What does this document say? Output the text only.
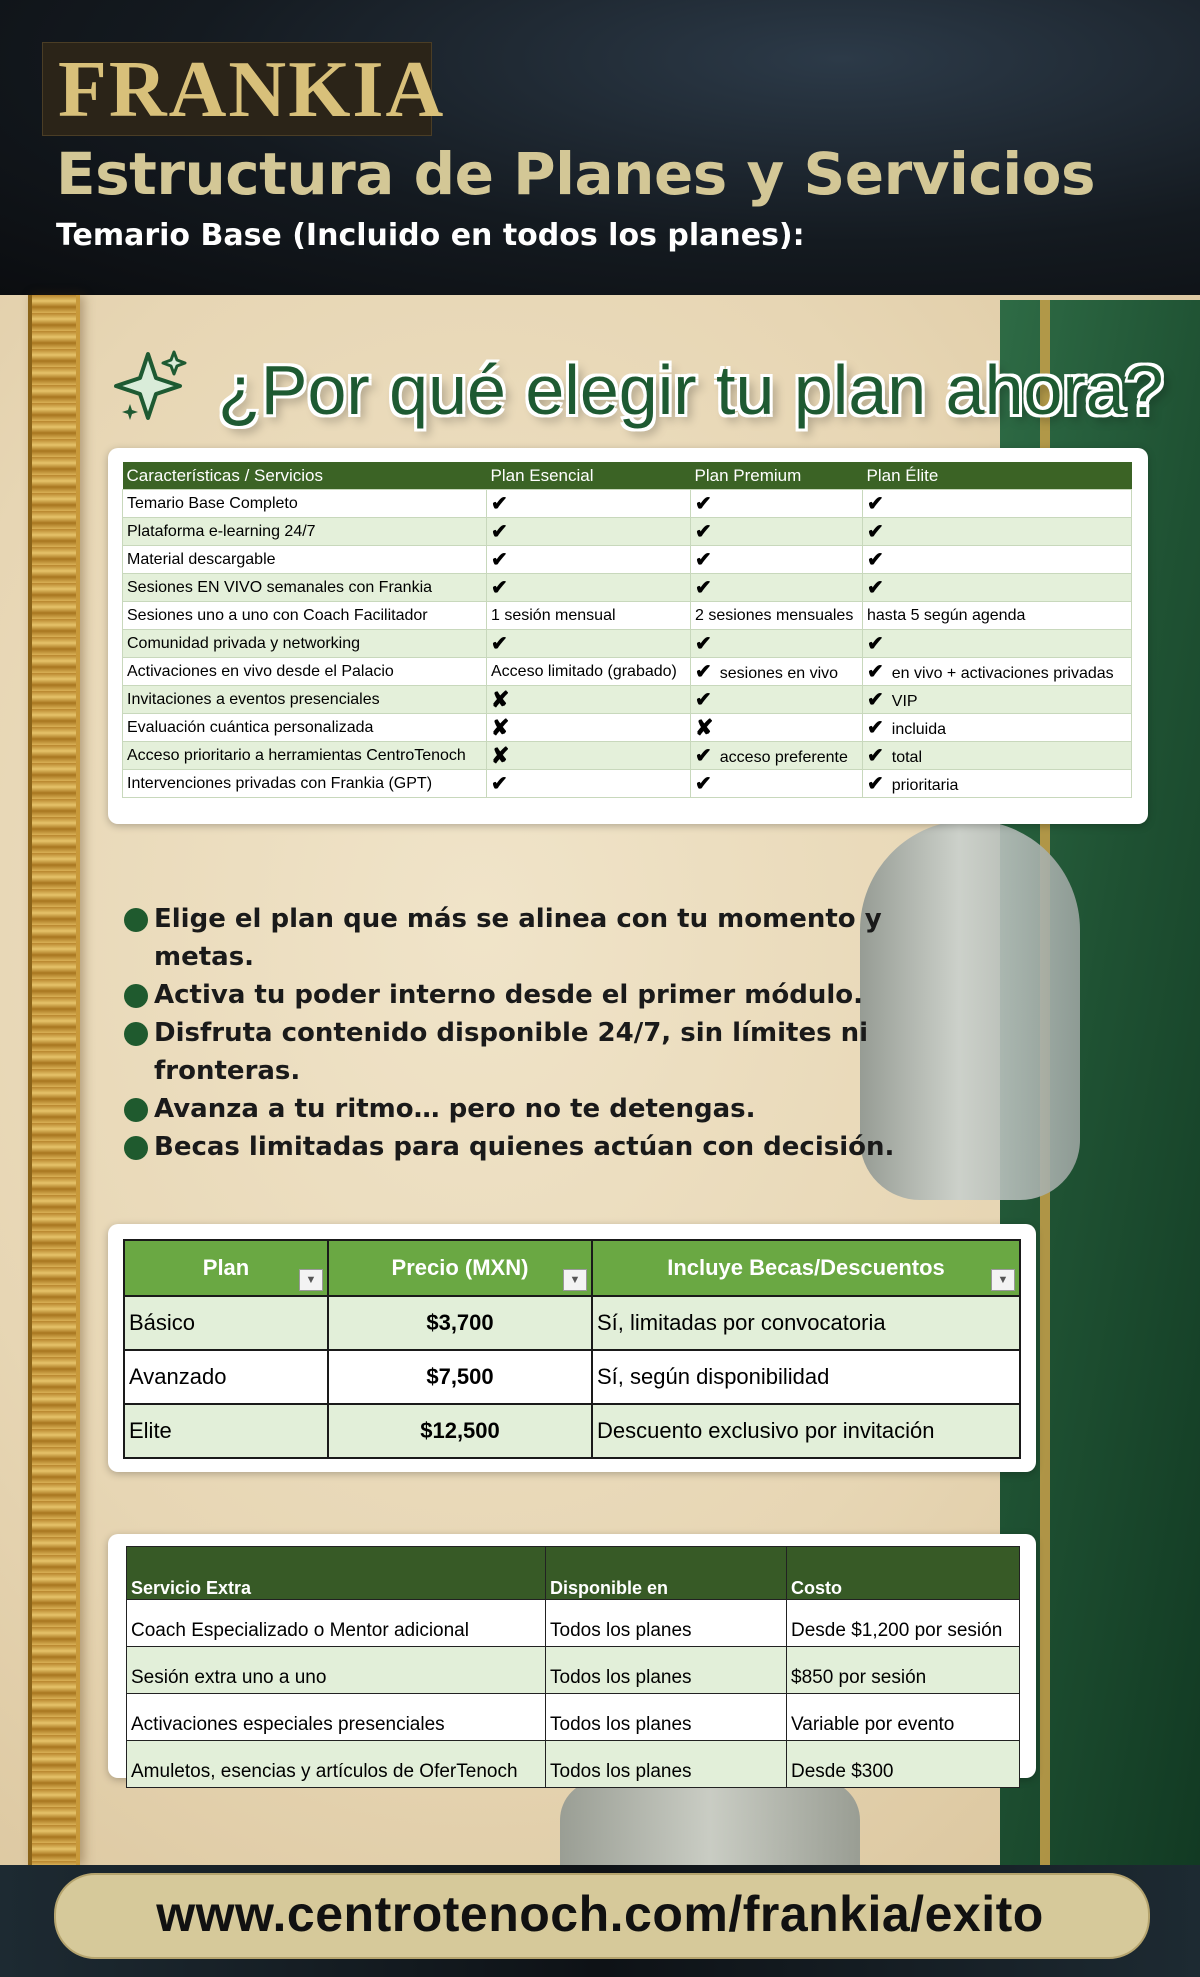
FRANKIA
Estructura de Planes y Servicios
Temario Base (Incluido en todos los planes):
¿Por qué elegir tu plan ahora?
Características / Servicios	Plan Esencial	Plan Premium	Plan Élite
Temario Base Completo	✔	✔	✔
Plataforma e-learning 24/7	✔	✔	✔
Material descargable	✔	✔	✔
Sesiones EN VIVO semanales con Frankia	✔	✔	✔
Sesiones uno a uno con Coach Facilitador	1 sesión mensual	2 sesiones mensuales	hasta 5 según agenda
Comunidad privada y networking	✔	✔	✔
Activaciones en vivo desde el Palacio	Acceso limitado (grabado)	✔ sesiones en vivo	✔ en vivo + activaciones privadas
Invitaciones a eventos presenciales	✘	✔	✔ VIP
Evaluación cuántica personalizada	✘	✘	✔ incluida
Acceso prioritario a herramientas CentroTenoch	✘	✔ acceso preferente	✔ total
Intervenciones privadas con Frankia (GPT)	✔	✔	✔ prioritaria
Elige el plan que más se alinea con tu momento y metas.
Activa tu poder interno desde el primer módulo.
Disfruta contenido disponible 24/7, sin límites ni fronteras.
Avanza a tu ritmo… pero no te detengas.
Becas limitadas para quienes actúan con decisión.
Plan ▼	Precio (MXN) ▼	Incluye Becas/Descuentos ▼

Básico	$3,700	Sí, limitadas por convocatoria
Avanzado	$7,500	Sí, según disponibilidad
Elite	$12,500	Descuento exclusivo por invitación
Servicio Extra	Disponible en	Costo
Coach Especializado o Mentor adicional	Todos los planes	Desde $1,200 por sesión
Sesión extra uno a uno	Todos los planes	$850 por sesión
Activaciones especiales presenciales	Todos los planes	Variable por evento
Amuletos, esencias y artículos de OferTenoch	Todos los planes	Desde $300
www.centrotenoch.com/frankia/exito
